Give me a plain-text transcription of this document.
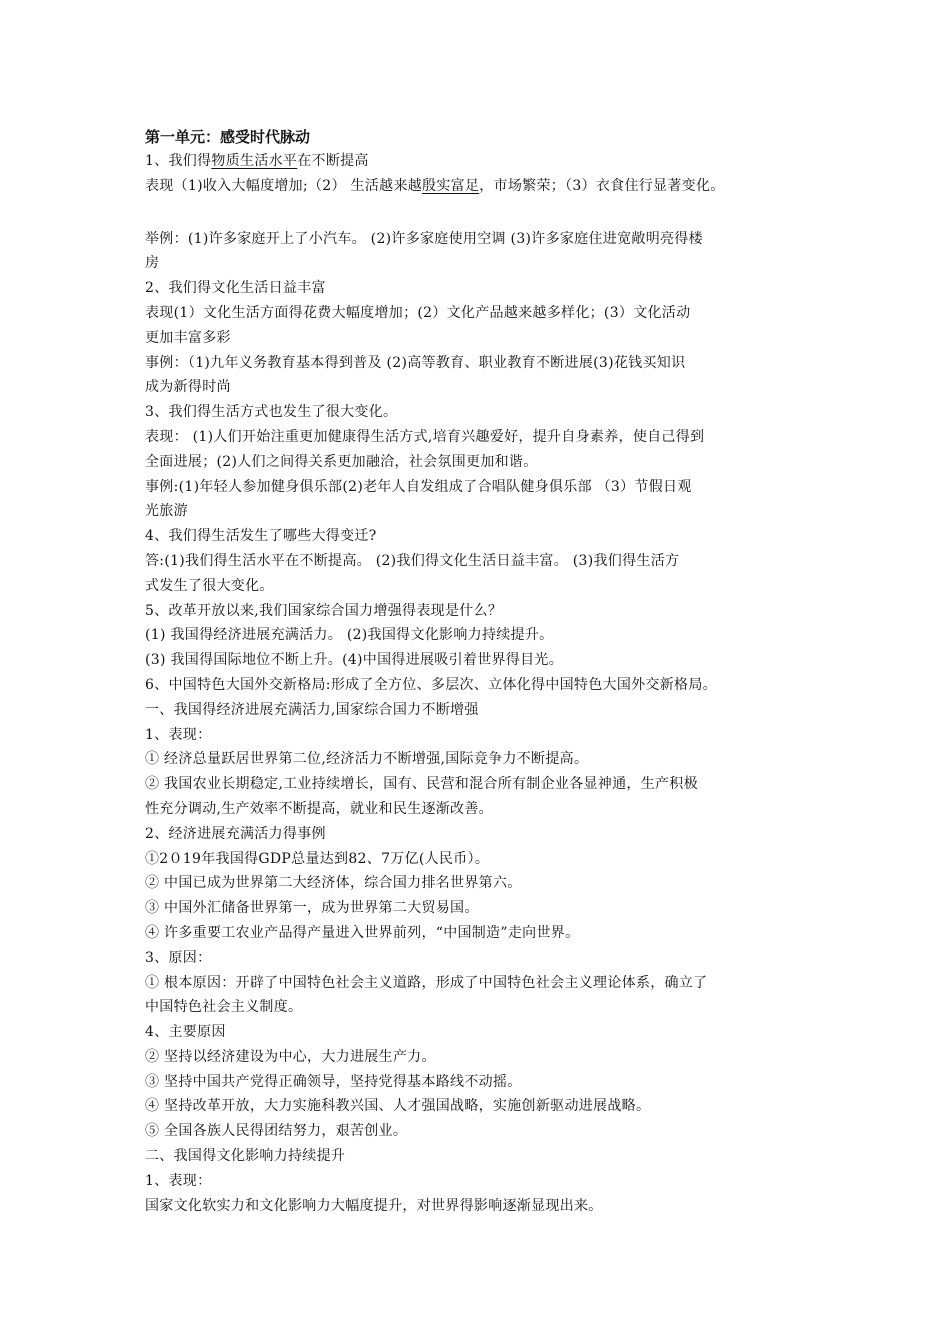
第一单元：感受时代脉动
1、我们得物质生活水平在不断提高
表现（1)收入大幅度增加;（2） 生活越来越殷实富足，市场繁荣；（3）衣食住行显著变化。
举例：(1)许多家庭开上了小汽车。 (2)许多家庭使用空调 (3)许多家庭住进宽敞明亮得楼
房
2、我们得文化生活日益丰富
表现(1）文化生活方面得花费大幅度增加；(2）文化产品越来越多样化；(3）文化活动
更加丰富多彩
事例：（1)九年义务教育基本得到普及 (2)高等教育、职业教育不断进展(3)花钱买知识
成为新得时尚
3、我们得生活方式也发生了很大变化。
表现： (1)人们开始注重更加健康得生活方式,培育兴趣爱好，提升自身素养，使自己得到
全面进展；(2)人们之间得关系更加融洽，社会氛围更加和谐。
事例:(1)年轻人参加健身俱乐部(2)老年人自发组成了合唱队健身俱乐部 （3）节假日观
光旅游
4、我们得生活发生了哪些大得变迁?
答:(1)我们得生活水平在不断提高。 (2)我们得文化生活日益丰富。 (3)我们得生活方
式发生了很大变化。
5、改革开放以来,我们国家综合国力增强得表现是什么？
(1) 我国得经济进展充满活力。 (2)我国得文化影响力持续提升。
(3) 我国得国际地位不断上升。(4)中国得进展吸引着世界得目光。
6、中国特色大国外交新格局:形成了全方位、多层次、立体化得中国特色大国外交新格局。
一、我国得经济进展充满活力,国家综合国力不断增强
1、表现：
① 经济总量跃居世界第二位,经济活力不断增强,国际竞争力不断提高。
② 我国农业长期稳定,工业持续增长，国有、民营和混合所有制企业各显神通，生产积极
性充分调动,生产效率不断提高，就业和民生逐渐改善。
2、经济进展充满活力得事例
①2０19年我国得GDP总量达到82、7万亿(人民币）。
② 中国已成为世界第二大经济体，综合国力排名世界第六。
③ 中国外汇储备世界第一，成为世界第二大贸易国。
④ 许多重要工农业产品得产量进入世界前列，“中国制造”走向世界。
3、原因：
① 根本原因：开辟了中国特色社会主义道路，形成了中国特色社会主义理论体系，确立了
中国特色社会主义制度。
4、主要原因
② 坚持以经济建设为中心，大力进展生产力。
③ 坚持中国共产党得正确领导，坚持党得基本路线不动摇。
④ 坚持改革开放，大力实施科教兴国、人才强国战略，实施创新驱动进展战略。
⑤ 全国各族人民得团结努力，艰苦创业。
二、我国得文化影响力持续提升
1、表现：
国家文化软实力和文化影响力大幅度提升，对世界得影响逐渐显现出来。
